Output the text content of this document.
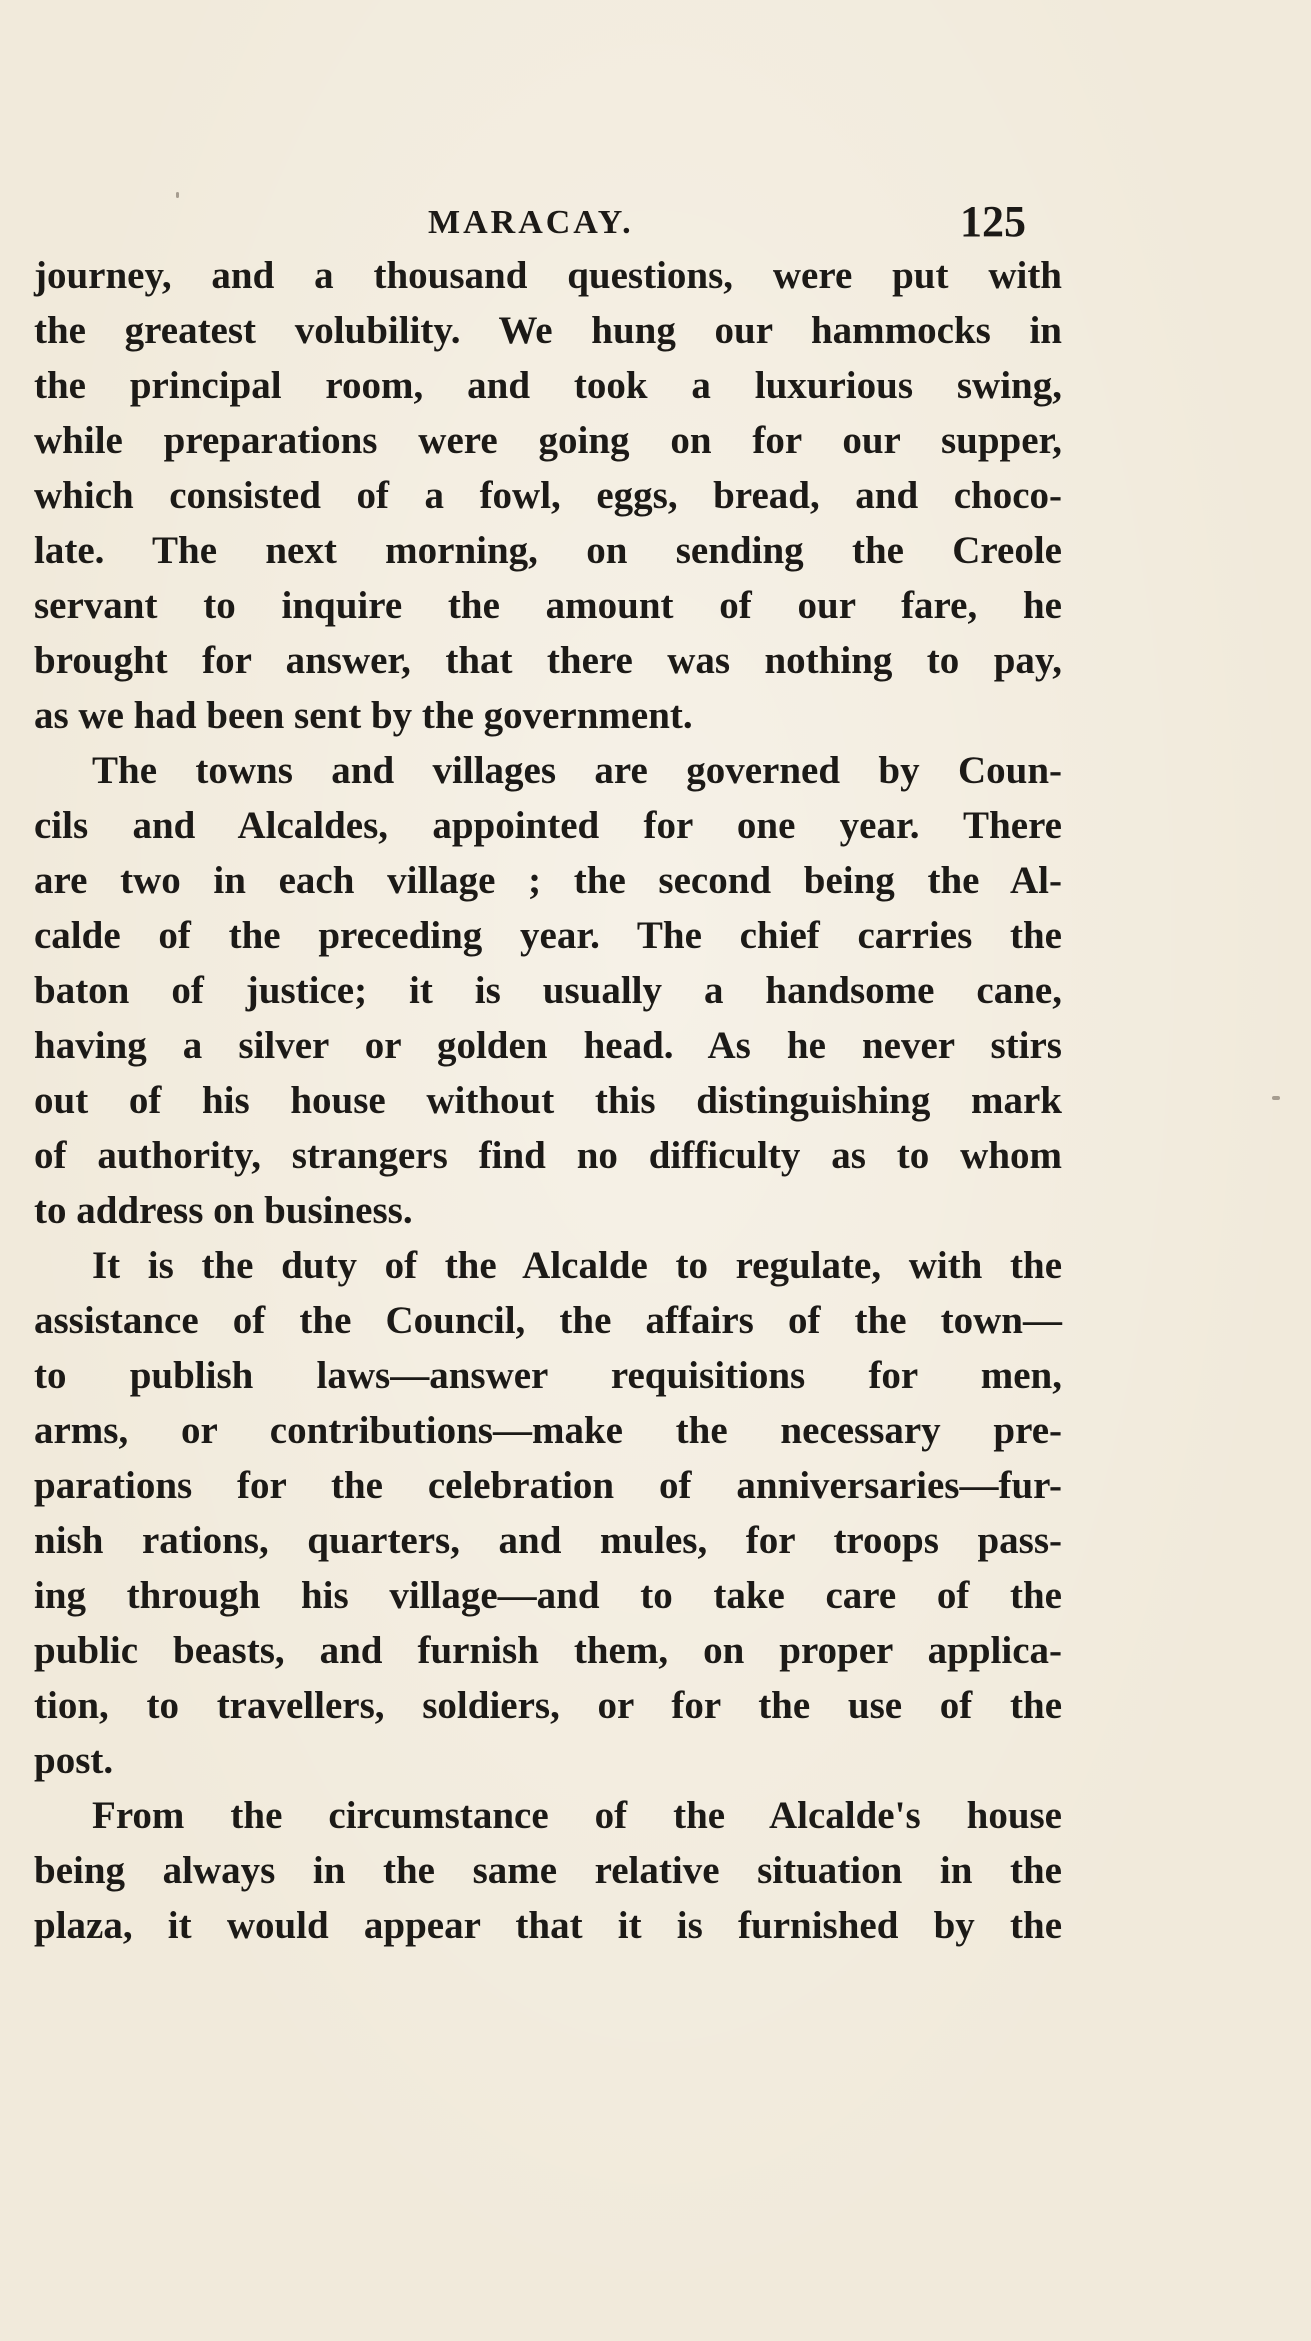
MARACAY.	125
journey, and a thousand questions, were put with
the greatest volubility. We hung our hammocks in
the principal room, and took a luxurious swing,
while preparations were going on for our supper,
which consisted of a fowl, eggs, bread, and choco-
late. The next morning, on sending the Creole
servant to inquire the amount of our fare, he
brought for answer, that there was nothing to pay,
as we had been sent by the government.
The towns and villages are governed by Coun-
cils and Alcaldes, appointed for one year. There
are two in each village ; the second being the Al-
calde of the preceding year. The chief carries the
baton of justice; it is usually a handsome cane,
having a silver or golden head. As he never stirs
out of his house without this distinguishing mark
of authority, strangers find no difficulty as to whom
to address on business.
It is the duty of the Alcalde to regulate, with the
assistance of the Council, the affairs of the town—
to publish laws—answer requisitions for men,
arms, or contributions—make the necessary pre-
parations for the celebration of anniversaries—fur-
nish rations, quarters, and mules, for troops pass-
ing through his village—and to take care of the
public beasts, and furnish them, on proper applica-
tion, to travellers, soldiers, or for the use of the
post.
From the circumstance of the Alcalde's house
being always in the same relative situation in the
plaza, it would appear that it is furnished by the
